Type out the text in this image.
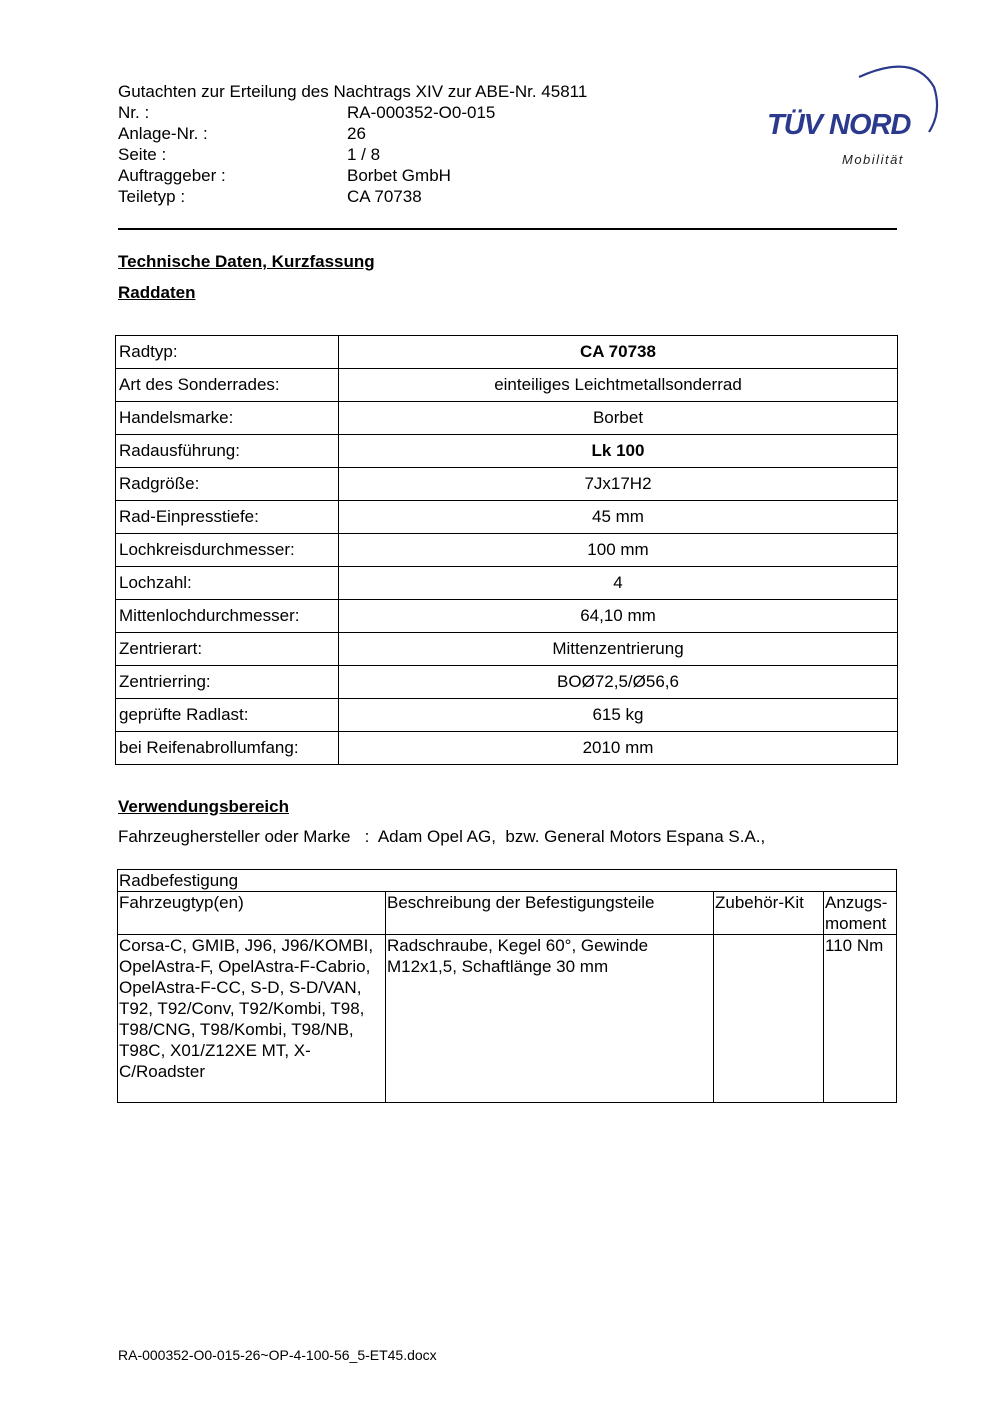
Gutachten zur Erteilung des Nachtrags XIV zur ABE-Nr. 45811
Nr. :	RA-000352-O0-015
Anlage-Nr. :	26
Seite :	1 / 8
Auftraggeber :	Borbet GmbH
Teiletyp :	CA 70738
TÜV NORD
Mobilität
Technische Daten, Kurzfassung
Raddaten
Radtyp:	CA 70738
Art des Sonderrades:	einteiliges Leichtmetallsonderrad
Handelsmarke:	Borbet
Radausführung:	Lk 100
Radgröße:	7Jx17H2
Rad-Einpresstiefe:	45 mm
Lochkreisdurchmesser:	100 mm
Lochzahl:	4
Mittenlochdurchmesser:	64,10 mm
Zentrierart:	Mittenzentrierung
Zentrierring:	BOØ72,5/Ø56,6
geprüfte Radlast:	615 kg
bei Reifenabrollumfang:	2010 mm
Verwendungsbereich
Fahrzeughersteller oder Marke   :  Adam Opel AG,  bzw. General Motors Espana S.A.,
Radbefestigung			
Fahrzeugtyp(en)	Beschreibung der Befestigungsteile	Zubehör-Kit	Anzugs-
moment
Corsa-C, GMIB, J96, J96/KOMBI, OpelAstra-F, OpelAstra-F-Cabrio, OpelAstra-F-CC, S-D, S-D/VAN, T92, T92/Conv, T92/Kombi, T98, T98/CNG, T98/Kombi, T98/NB, T98C, X01/Z12XE MT, X-C/Roadster	Radschraube, Kegel 60°, Gewinde M12x1,5, Schaftlänge 30 mm		110 Nm
RA-000352-O0-015-26~OP-4-100-56_5-ET45.docx
